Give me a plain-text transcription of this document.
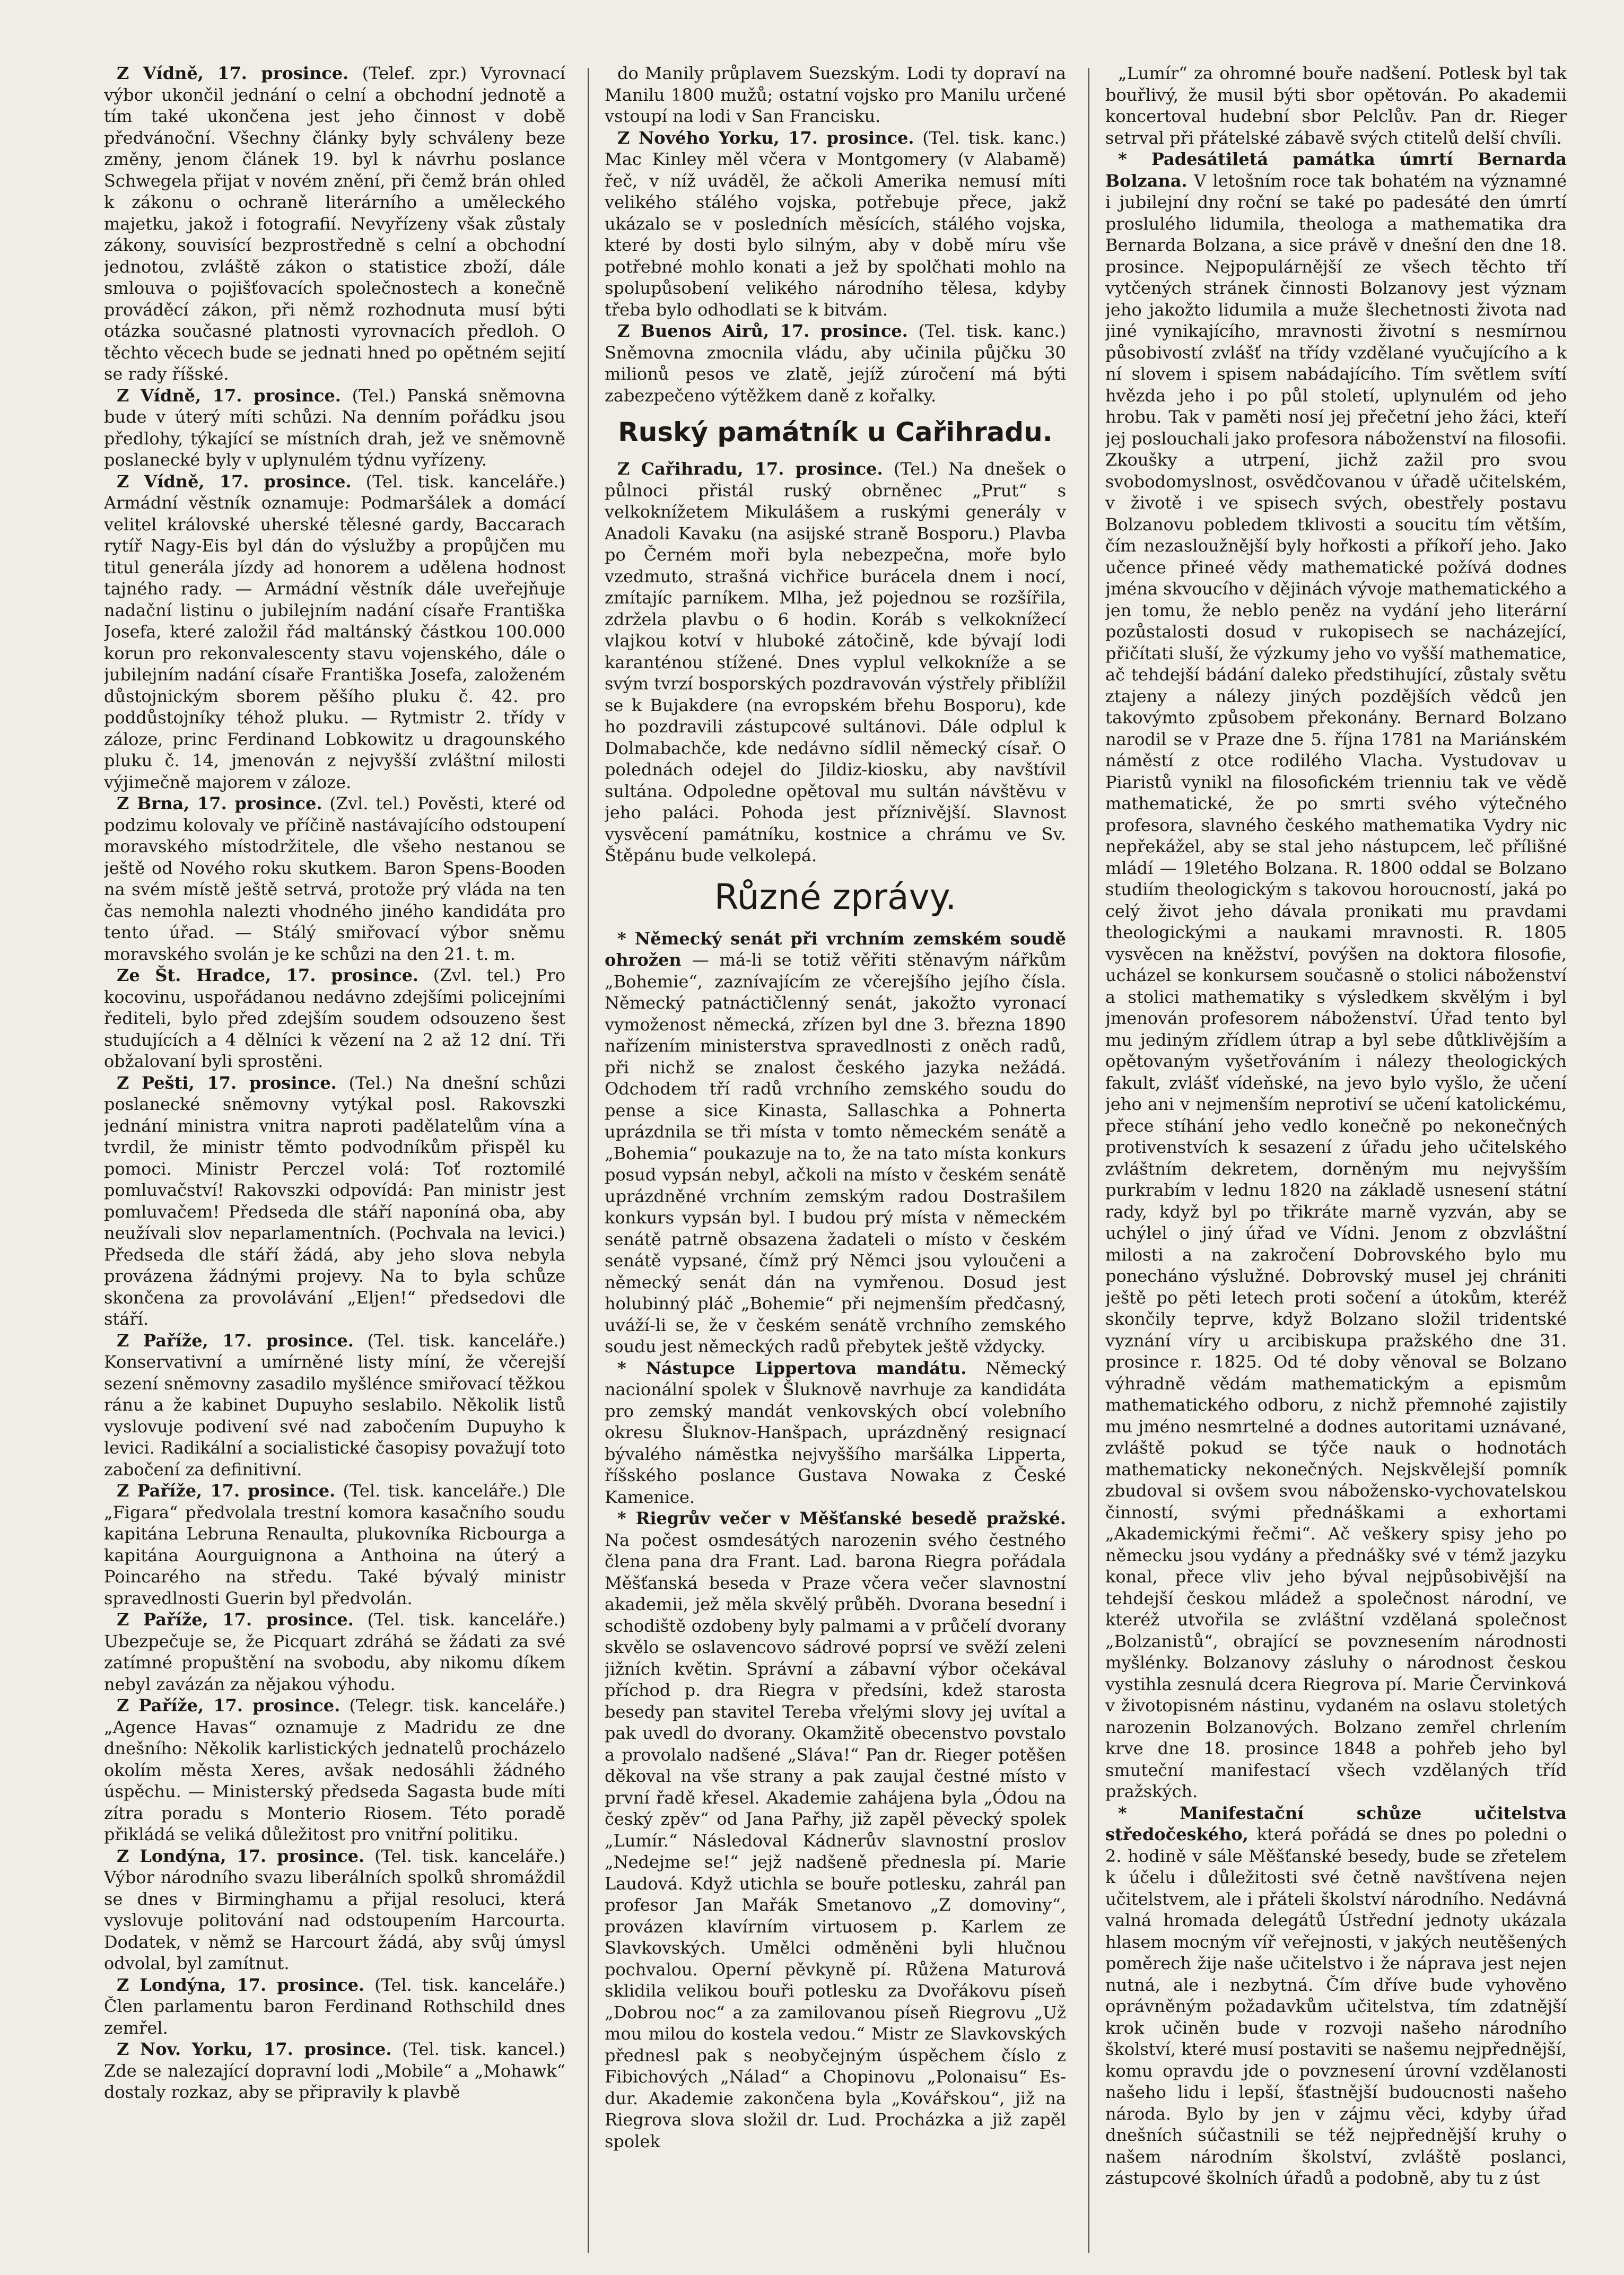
Z Vídně, 17. prosince. (Telef. zpr.) Vyrovnací výbor ukončil jednání o celní a obchodní jednotě a tím také ukončena jest jeho činnost v době předvánoční. Všechny články byly schváleny beze změny, jenom článek 19. byl k návrhu poslance Schwegela přijat v novém znění, při čemž brán ohled k zákonu o ochraně literárního a uměleckého majetku, jakož i fotografií. Nevyřízeny však zůstaly zákony, souvisící bezprostředně s celní a obchodní jednotou, zvláště zákon o statistice zboží, dále smlouva o pojišťovacích společnostech a konečně prováděcí zákon, při němž rozhodnuta musí býti otázka současné platnosti vyrovnacích předloh. O těchto věcech bude se jednati hned po opětném sejití se rady říšské.

Z Vídně, 17. prosince. (Tel.) Panská sněmovna bude v úterý míti schůzi. Na denním pořádku jsou předlohy, týkající se místních drah, jež ve sněmovně poslanecké byly v uplynulém týdnu vyřízeny.

Z Vídně, 17. prosince. (Tel. tisk. kanceláře.) Armádní věstník oznamuje: Podmaršálek a domácí velitel královské uherské tělesné gardy, Baccarach rytíř Nagy-Eis byl dán do výslužby a propůjčen mu titul generála jízdy ad honorem a udělena hodnost tajného rady. — Armádní věstník dále uveřejňuje nadační listinu o jubilejním nadání císaře Františka Josefa, které založil řád maltánský částkou 100.000 korun pro rekonvalescenty stavu vojenského, dále o jubilejním nadání císaře Františka Josefa, založeném důstojnickým sborem pěšího pluku č. 42. pro poddůstojníky téhož pluku. — Rytmistr 2. třídy v záloze, princ Ferdinand Lobkowitz u dragounského pluku č. 14, jmenován z nejvyšší zvláštní milosti výjimečně majorem v záloze.

Z Brna, 17. prosince. (Zvl. tel.) Pověsti, které od podzimu kolovaly ve příčině nastávajícího odstoupení moravského místodržitele, dle všeho nestanou se ještě od Nového roku skutkem. Baron Spens-Booden na svém místě ještě setrvá, protože prý vláda na ten čas nemohla nalezti vhodného jiného kandidáta pro tento úřad. — Stálý smiřovací výbor sněmu moravského svolán je ke schůzi na den 21. t. m.

Ze Št. Hradce, 17. prosince. (Zvl. tel.) Pro kocovinu, uspořádanou nedávno zdejšími policejními řediteli, bylo před zdejším soudem odsouzeno šest studujících a 4 dělníci k vězení na 2 až 12 dní. Tři obžalovaní byli sprostěni.

Z Pešti, 17. prosince. (Tel.) Na dnešní schůzi poslanecké sněmovny vytýkal posl. Rakovszki jednání ministra vnitra naproti padělatelům vína a tvrdil, že ministr těmto podvodníkům přispěl ku pomoci. Ministr Perczel volá: Toť roztomilé pomluvačství! Rakovszki odpovídá: Pan ministr jest pomluvačem! Předseda dle stáří naponíná oba, aby neužívali slov neparlamentních. (Pochvala na levici.) Předseda dle stáří žádá, aby jeho slova nebyla provázena žádnými projevy. Na to byla schůze skončena za provolávání „Eljen!“ předsedovi dle stáří.

Z Paříže, 17. prosince. (Tel. tisk. kanceláře.) Konservativní a umírněné listy míní, že včerejší sezení sněmovny zasadilo myšlénce smiřovací těžkou ránu a že kabinet Dupuyho seslabilo. Několik listů vyslovuje podivení své nad zabočením Dupuyho k levici. Radikální a socialistické časopisy považují toto zabočení za definitivní.

Z Paříže, 17. prosince. (Tel. tisk. kanceláře.) Dle „Figara“ předvolala trestní komora kasačního soudu kapitána Lebruna Renaulta, plukovníka Ricbourga a kapitána Aourguignona a Anthoina na úterý a Poincarého na středu. Také bývalý ministr spravedlnosti Guerin byl předvolán.

Z Paříže, 17. prosince. (Tel. tisk. kanceláře.) Ubezpečuje se, že Picquart zdráhá se žádati za své zatímné propuštění na svobodu, aby nikomu díkem nebyl zavázán za nějakou výhodu.

Z Paříže, 17. prosince. (Telegr. tisk. kanceláře.) „Agence Havas“ oznamuje z Madridu ze dne dnešního: Několik karlistických jednatelů procházelo okolím města Xeres, avšak nedosáhli žádného úspěchu. — Ministerský předseda Sagasta bude míti zítra poradu s Monterio Riosem. Této poradě přikládá se veliká důležitost pro vnitřní politiku.

Z Londýna, 17. prosince. (Tel. tisk. kanceláře.) Výbor národního svazu liberálních spolků shromáždil se dnes v Birminghamu a přijal resoluci, která vyslovuje politování nad odstoupením Harcourta. Dodatek, v němž se Harcourt žádá, aby svůj úmysl odvolal, byl zamítnut.

Z Londýna, 17. prosince. (Tel. tisk. kanceláře.) Člen parlamentu baron Ferdinand Rothschild dnes zemřel.

Z Nov. Yorku, 17. prosince. (Tel. tisk. kancel.) Zde se nalezající dopravní lodi „Mobile“ a „Mohawk“ dostaly rozkaz, aby se připravily k plavbě

do Manily průplavem Suezským. Lodi ty dopraví na Manilu 1800 mužů; ostatní vojsko pro Manilu určené vstoupí na lodi v San Francisku.

Z Nového Yorku, 17. prosince. (Tel. tisk. kanc.) Mac Kinley měl včera v Montgomery (v Alabamě) řeč, v níž uváděl, že ačkoli Amerika nemusí míti velikého stálého vojska, potřebuje přece, jakž ukázalo se v posledních měsících, stálého vojska, které by dosti bylo silným, aby v době míru vše potřebné mohlo konati a jež by spolčhati mohlo na spolupůsobení velikého národního tělesa, kdyby třeba bylo odhodlati se k bitvám.

Z Buenos Airů, 17. prosince. (Tel. tisk. kanc.) Sněmovna zmocnila vládu, aby učinila půjčku 30 milionů pesos ve zlatě, jejíž zúročení má býti zabezpečeno výtěžkem daně z kořalky.

Ruský památník u Cařihradu.

Z Cařihradu, 17. prosince. (Tel.) Na dnešek o půlnoci přistál ruský obrněnec „Prut“ s velkoknížetem Mikulášem a ruskými generály v Anadoli Kavaku (na asijské straně Bosporu.) Plavba po Černém moři byla nebezpečna, moře bylo vzedmuto, strašná vichřice burácela dnem i nocí, zmítajíc parníkem. Mlha, jež pojednou se rozšířila, zdržela plavbu o 6 hodin. Koráb s velkoknížecí vlajkou kotví v hluboké zátočině, kde bývají lodi karanténou stížené. Dnes vyplul velkokníže a se svým tvrzí bosporských pozdravován výstřely přiblížil se k Bujakdere (na evropském břehu Bosporu), kde ho pozdravili zástupcové sultánovi. Dále odplul k Dolmabachče, kde nedávno sídlil německý císař. O polednách odejel do Jildiz-kiosku, aby navštívil sultána. Odpoledne opětoval mu sultán návštěvu v jeho paláci. Pohoda jest příznivější. Slavnost vysvěcení památníku, kostnice a chrámu ve Sv. Štěpánu bude velkolepá.

Různé zprávy.

* Německý senát při vrchním zemském soudě ohrožen — má-li se totiž věřiti stěnavým nářkům „Bohemie“, zaznívajícím ze včerejšího jejího čísla. Německý patnáctičlenný senát, jakožto vyronací vymoženost německá, zřízen byl dne 3. března 1890 nařízením ministerstva spravedlnosti z oněch radů, při nichž se znalost českého jazyka nežádá. Odchodem tří radů vrchního zemského soudu do pense a sice Kinasta, Sallaschka a Pohnerta uprázdnila se tři místa v tomto německém senátě a „Bohemia“ poukazuje na to, že na tato místa konkurs posud vypsán nebyl, ačkoli na místo v českém senátě uprázdněné vrchním zemským radou Dostrašilem konkurs vypsán byl. I budou prý místa v německém senátě patrně obsazena žadateli o místo v českém senátě vypsané, čímž prý Němci jsou vyloučeni a německý senát dán na vymřenou. Dosud jest holubinný pláč „Bohemie“ při nejmenším předčasný, uváží-li se, že v českém senátě vrchního zemského soudu jest německých radů přebytek ještě vždycky.

* Nástupce Lippertova mandátu. Německý nacionální spolek v Šluknově navrhuje za kandidáta pro zemský mandát venkovských obcí volebního okresu Šluknov-Hanšpach, uprázdněný resignací bývalého náměstka nejvyššího maršálka Lipperta, říšského poslance Gustava Nowaka z České Kamenice.

* Riegrův večer v Měšťanské besedě pražské. Na počest osmdesátých narozenin svého čestného člena pana dra Frant. Lad. barona Riegra pořádala Měšťanská beseda v Praze včera večer slavnostní akademii, jež měla skvělý průběh. Dvorana besední i schodiště ozdobeny byly palmami a v průčelí dvorany skvělo se oslavencovo sádrové poprsí ve svěží zeleni jižních květin. Správní a zábavní výbor očekával příchod p. dra Riegra v předsíni, kdež starosta besedy pan stavitel Tereba vřelými slovy jej uvítal a pak uvedl do dvorany. Okamžitě obecenstvo povstalo a provolalo nadšené „Sláva!“ Pan dr. Rieger potěšen děkoval na vše strany a pak zaujal čestné místo v první řadě křesel. Akademie zahájena byla „Ódou na český zpěv“ od Jana Pařhy, již zapěl pěvecký spolek „Lumír.“ Následoval Kádnerův slavnostní proslov „Nedejme se!“ jejž nadšeně přednesla pí. Marie Laudová. Když utichla se bouře potlesku, zahrál pan profesor Jan Mařák Smetanovo „Z domoviny“, provázen klavírním virtuosem p. Karlem ze Slavkovských. Umělci odměněni byli hlučnou pochvalou. Operní pěvkyně pí. Růžena Maturová sklidila velikou bouři potlesku za Dvořákovu píseň „Dobrou noc“ a za zamilovanou píseň Riegrovu „Už mou milou do kostela vedou.“ Mistr ze Slavkovských přednesl pak s neobyčejným úspěchem číslo z Fibichových „Nálad“ a Chopinovu „Polonaisu“ Es-dur. Akademie zakončena byla „Kovářskou“, již na Riegrova slova složil dr. Lud. Procházka a již zapěl spolek

„Lumír“ za ohromné bouře nadšení. Potlesk byl tak bouřlivý, že musil býti sbor opětován. Po akademii koncertoval hudební sbor Pelclův. Pan dr. Rieger setrval při přátelské zábavě svých ctitelů delší chvíli.

* Padesátiletá památka úmrtí Bernarda Bolzana. V letošním roce tak bohatém na významné i jubilejní dny roční se také po padesáté den úmrtí proslulého lidumila, theologa a mathematika dra Bernarda Bolzana, a sice právě v dnešní den dne 18. prosince. Nejpopulárnější ze všech těchto tří vytčených stránek činnosti Bolzanovy jest význam jeho jakožto lidumila a muže šlechetnosti života nad jiné vynikajícího, mravnosti životní s nesmírnou působivostí zvlášť na třídy vzdělané vyučujícího a k ní slovem i spisem nabádajícího. Tím světlem svítí hvězda jeho i po půl století, uplynulém od jeho hrobu. Tak v paměti nosí jej přečetní jeho žáci, kteří jej poslouchali jako profesora náboženství na filosofii. Zkoušky a utrpení, jichž zažil pro svou svobodomyslnost, osvědčovanou v úřadě učitelském, v životě i ve spisech svých, obestřely postavu Bolzanovu pobledem tklivosti a soucitu tím větším, čím nezasloužnější byly hořkosti a příkoří jeho. Jako učence přineé vědy mathematické požívá dodnes jména skvoucího v dějinách vývoje mathematického a jen tomu, že neblo peněz na vydání jeho literární pozůstalosti dosud v rukopisech se nacházející, přičítati sluší, že výzkumy jeho vo vyšší mathematice, ač tehdejší bádání daleko předstihující, zůstaly světu ztajeny a nálezy jiných pozdějších vědců jen takovýmto způsobem překonány. Bernard Bolzano narodil se v Praze dne 5. října 1781 na Mariánském náměstí z otce rodilého Vlacha. Vystudovav u Piaristů vynikl na filosofickém trienniu tak ve vědě mathematické, že po smrti svého výtečného profesora, slavného českého mathematika Vydry nic nepřekážel, aby se stal jeho nástupcem, leč přílišné mládí — 19letého Bolzana. R. 1800 oddal se Bolzano studiím theologickým s takovou horoucností, jaká po celý život jeho dávala pronikati mu pravdami theologickými a naukami mravnosti. R. 1805 vysvěcen na kněžství, povýšen na doktora filosofie, ucházel se konkursem současně o stolici náboženství a stolici mathematiky s výsledkem skvělým i byl jmenován profesorem náboženství. Úřad tento byl mu jediným zřídlem útrap a byl sebe důtklivějším a opětovaným vyšetřováním i nálezy theologických fakult, zvlášť vídeňské, na jevo bylo vyšlo, že učení jeho ani v nejmenším neprotiví se učení katolickému, přece stíhání jeho vedlo konečně po nekonečných protivenstvích k sesazení z úřadu jeho učitelského zvláštním dekretem, dorněným mu nejvyšším purkrabím v lednu 1820 na základě usnesení státní rady, když byl po třikráte marně vyzván, aby se uchýlel o jiný úřad ve Vídni. Jenom z obzvláštní milosti a na zakročení Dobrovského bylo mu ponecháno výslužné. Dobrovský musel jej chrániti ještě po pěti letech proti sočení a útokům, kteréž skončily teprve, když Bolzano složil tridentské vyznání víry u arcibiskupa pražského dne 31. prosince r. 1825. Od té doby věnoval se Bolzano výhradně vědám mathematickým a epismům mathematického odboru, z nichž přemnohé zajistily mu jméno nesmrtelné a dodnes autoritami uznávané, zvláště pokud se týče nauk o hodnotách mathematicky nekonečných. Nejskvělejší pomník zbudoval si ovšem svou nábožensko-vychovatelskou činností, svými přednáškami a exhortami „Akademickými řečmi“. Ač veškery spisy jeho po německu jsou vydány a přednášky své v témž jazyku konal, přece vliv jeho býval nejpůsobivější na tehdejší českou mládež a společnost národní, ve kteréž utvořila se zvláštní vzdělaná společnost „Bolzanistů“, obrající se povznesením národnosti myšlénky. Bolzanovy zásluhy o národnost českou vystihla zesnulá dcera Riegrova pí. Marie Červinková v životopisném nástinu, vydaném na oslavu stoletých narozenin Bolzanových. Bolzano zemřel chrlením krve dne 18. prosince 1848 a pohřeb jeho byl smuteční manifestací všech vzdělaných tříd pražských.

* Manifestační schůze učitelstva středočeského, která pořádá se dnes po poledni o 2. hodině v sále Měšťanské besedy, bude se zřetelem k účelu i důležitosti své četně navštívena nejen učitelstvem, ale i přáteli školství národního. Nedávná valná hromada delegátů Ústřední jednoty ukázala hlasem mocným víř veřejnosti, v jakých neutěšených poměrech žije naše učitelstvo i že náprava jest nejen nutná, ale i nezbytná. Čím dříve bude vyhověno oprávněným požadavkům učitelstva, tím zdatnější krok učiněn bude v rozvoji našeho národního školství, které musí postaviti se našemu nejpřednější, komu opravdu jde o povznesení úrovní vzdělanosti našeho lidu i lepší, šťastnější budoucnosti našeho národa. Bylo by jen v zájmu věci, kdyby úřad dnešních súčastnili se též nejpřednější kruhy o našem národním školství, zvláště poslanci, zástupcové školních úřadů a podobně, aby tu z úst
